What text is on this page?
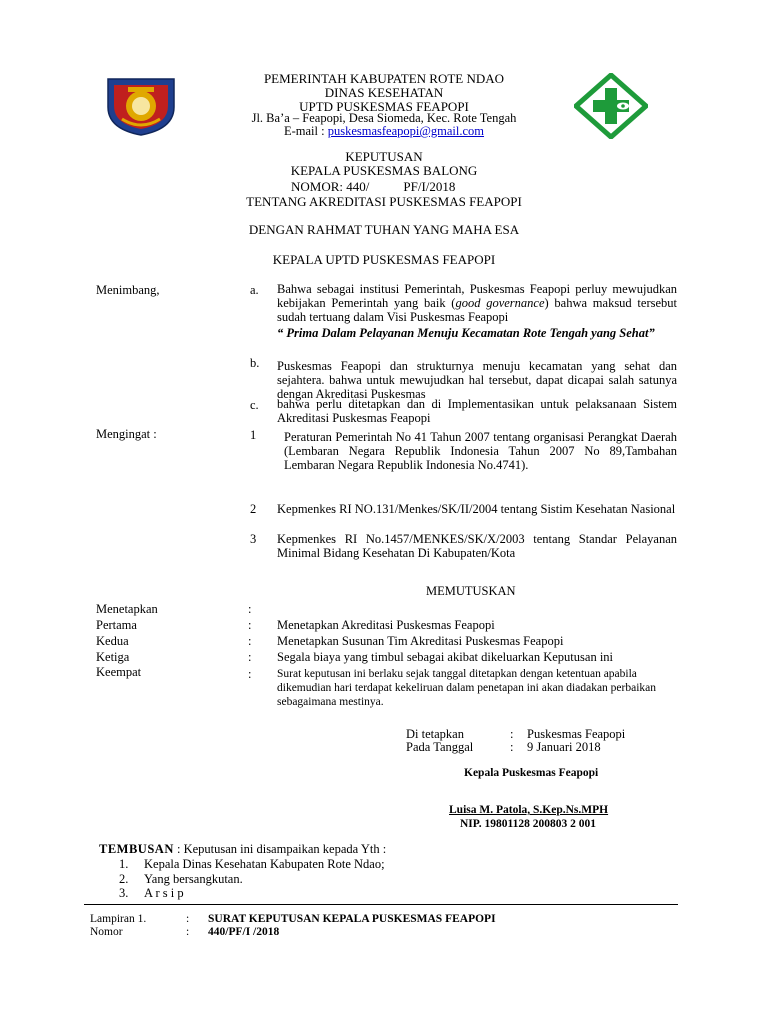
PEMERINTAH KABUPATEN ROTE NDAO
DINAS KESEHATAN
UPTD PUSKESMAS FEAPOPI
Jl. Ba’a – Feapopi, Desa Siomeda, Kec. Rote Tengah
E-mail : puskesmasfeapopi@gmail.com
KEPUTUSAN
KEPALA PUSKESMAS BALONG
NOMOR: 440/	PF/I/2018
TENTANG AKREDITASI PUSKESMAS FEAPOPI
DENGAN RAHMAT TUHAN YANG MAHA ESA
KEPALA UPTD PUSKESMAS FEAPOPI
Menimbang,	a. Bahwa sebagai institusi Pemerintah, Puskesmas Feapopi perluy mewujudkan kebijakan Pemerintah yang baik (good governance) bahwa maksud tersebut sudah tertuang dalam Visi Puskesmas Feapopi
“ Prima Dalam Pelayanan Menuju Kecamatan Rote Tengah yang Sehat”
b. Puskesmas Feapopi dan strukturnya menuju kecamatan yang sehat dan sejahtera. bahwa untuk mewujudkan hal tersebut, dapat dicapai salah satunya dengan Akreditasi Puskesmas
c. bahwa perlu ditetapkan dan di Implementasikan untuk pelaksanaan Sistem Akreditasi Puskesmas Feapopi
Mengingat :	1 Peraturan Pemerintah No 41 Tahun 2007 tentang organisasi Perangkat Daerah (Lembaran Negara Republik Indonesia Tahun 2007 No 89,Tambahan Lembaran Negara Republik Indonesia No.4741).
2 Kepmenkes RI NO.131/Menkes/SK/II/2004 tentang Sistim Kesehatan Nasional
3 Kepmenkes RI No.1457/MENKES/SK/X/2003 tentang Standar Pelayanan Minimal Bidang Kesehatan Di Kabupaten/Kota
MEMUTUSKAN
Menetapkan	:
Pertama	: Menetapkan Akreditasi Puskesmas Feapopi
Kedua	: Menetapkan Susunan Tim Akreditasi Puskesmas Feapopi
Ketiga	: Segala biaya yang timbul sebagai akibat dikeluarkan Keputusan ini
Keempat	: Surat keputusan ini berlaku sejak tanggal ditetapkan dengan ketentuan apabila dikemudian hari terdapat kekeliruan dalam penetapan ini akan diadakan perbaikan sebagaimana mestinya.
Di tetapkan	: Puskesmas Feapopi
Pada Tanggal	: 9 Januari 2018
Kepala Puskesmas Feapopi
Luisa M. Patola, S.Kep.Ns.MPH
NIP. 19801128 200803 2 001
TEMBUSAN : Keputusan ini disampaikan kepada Yth :
1. Kepala Dinas Kesehatan Kabupaten Rote Ndao;
2. Yang bersangkutan.
3. A r s i p
Lampiran 1.	: SURAT KEPUTUSAN KEPALA PUSKESMAS FEAPOPI
Nomor	: 440/PF/I /2018
